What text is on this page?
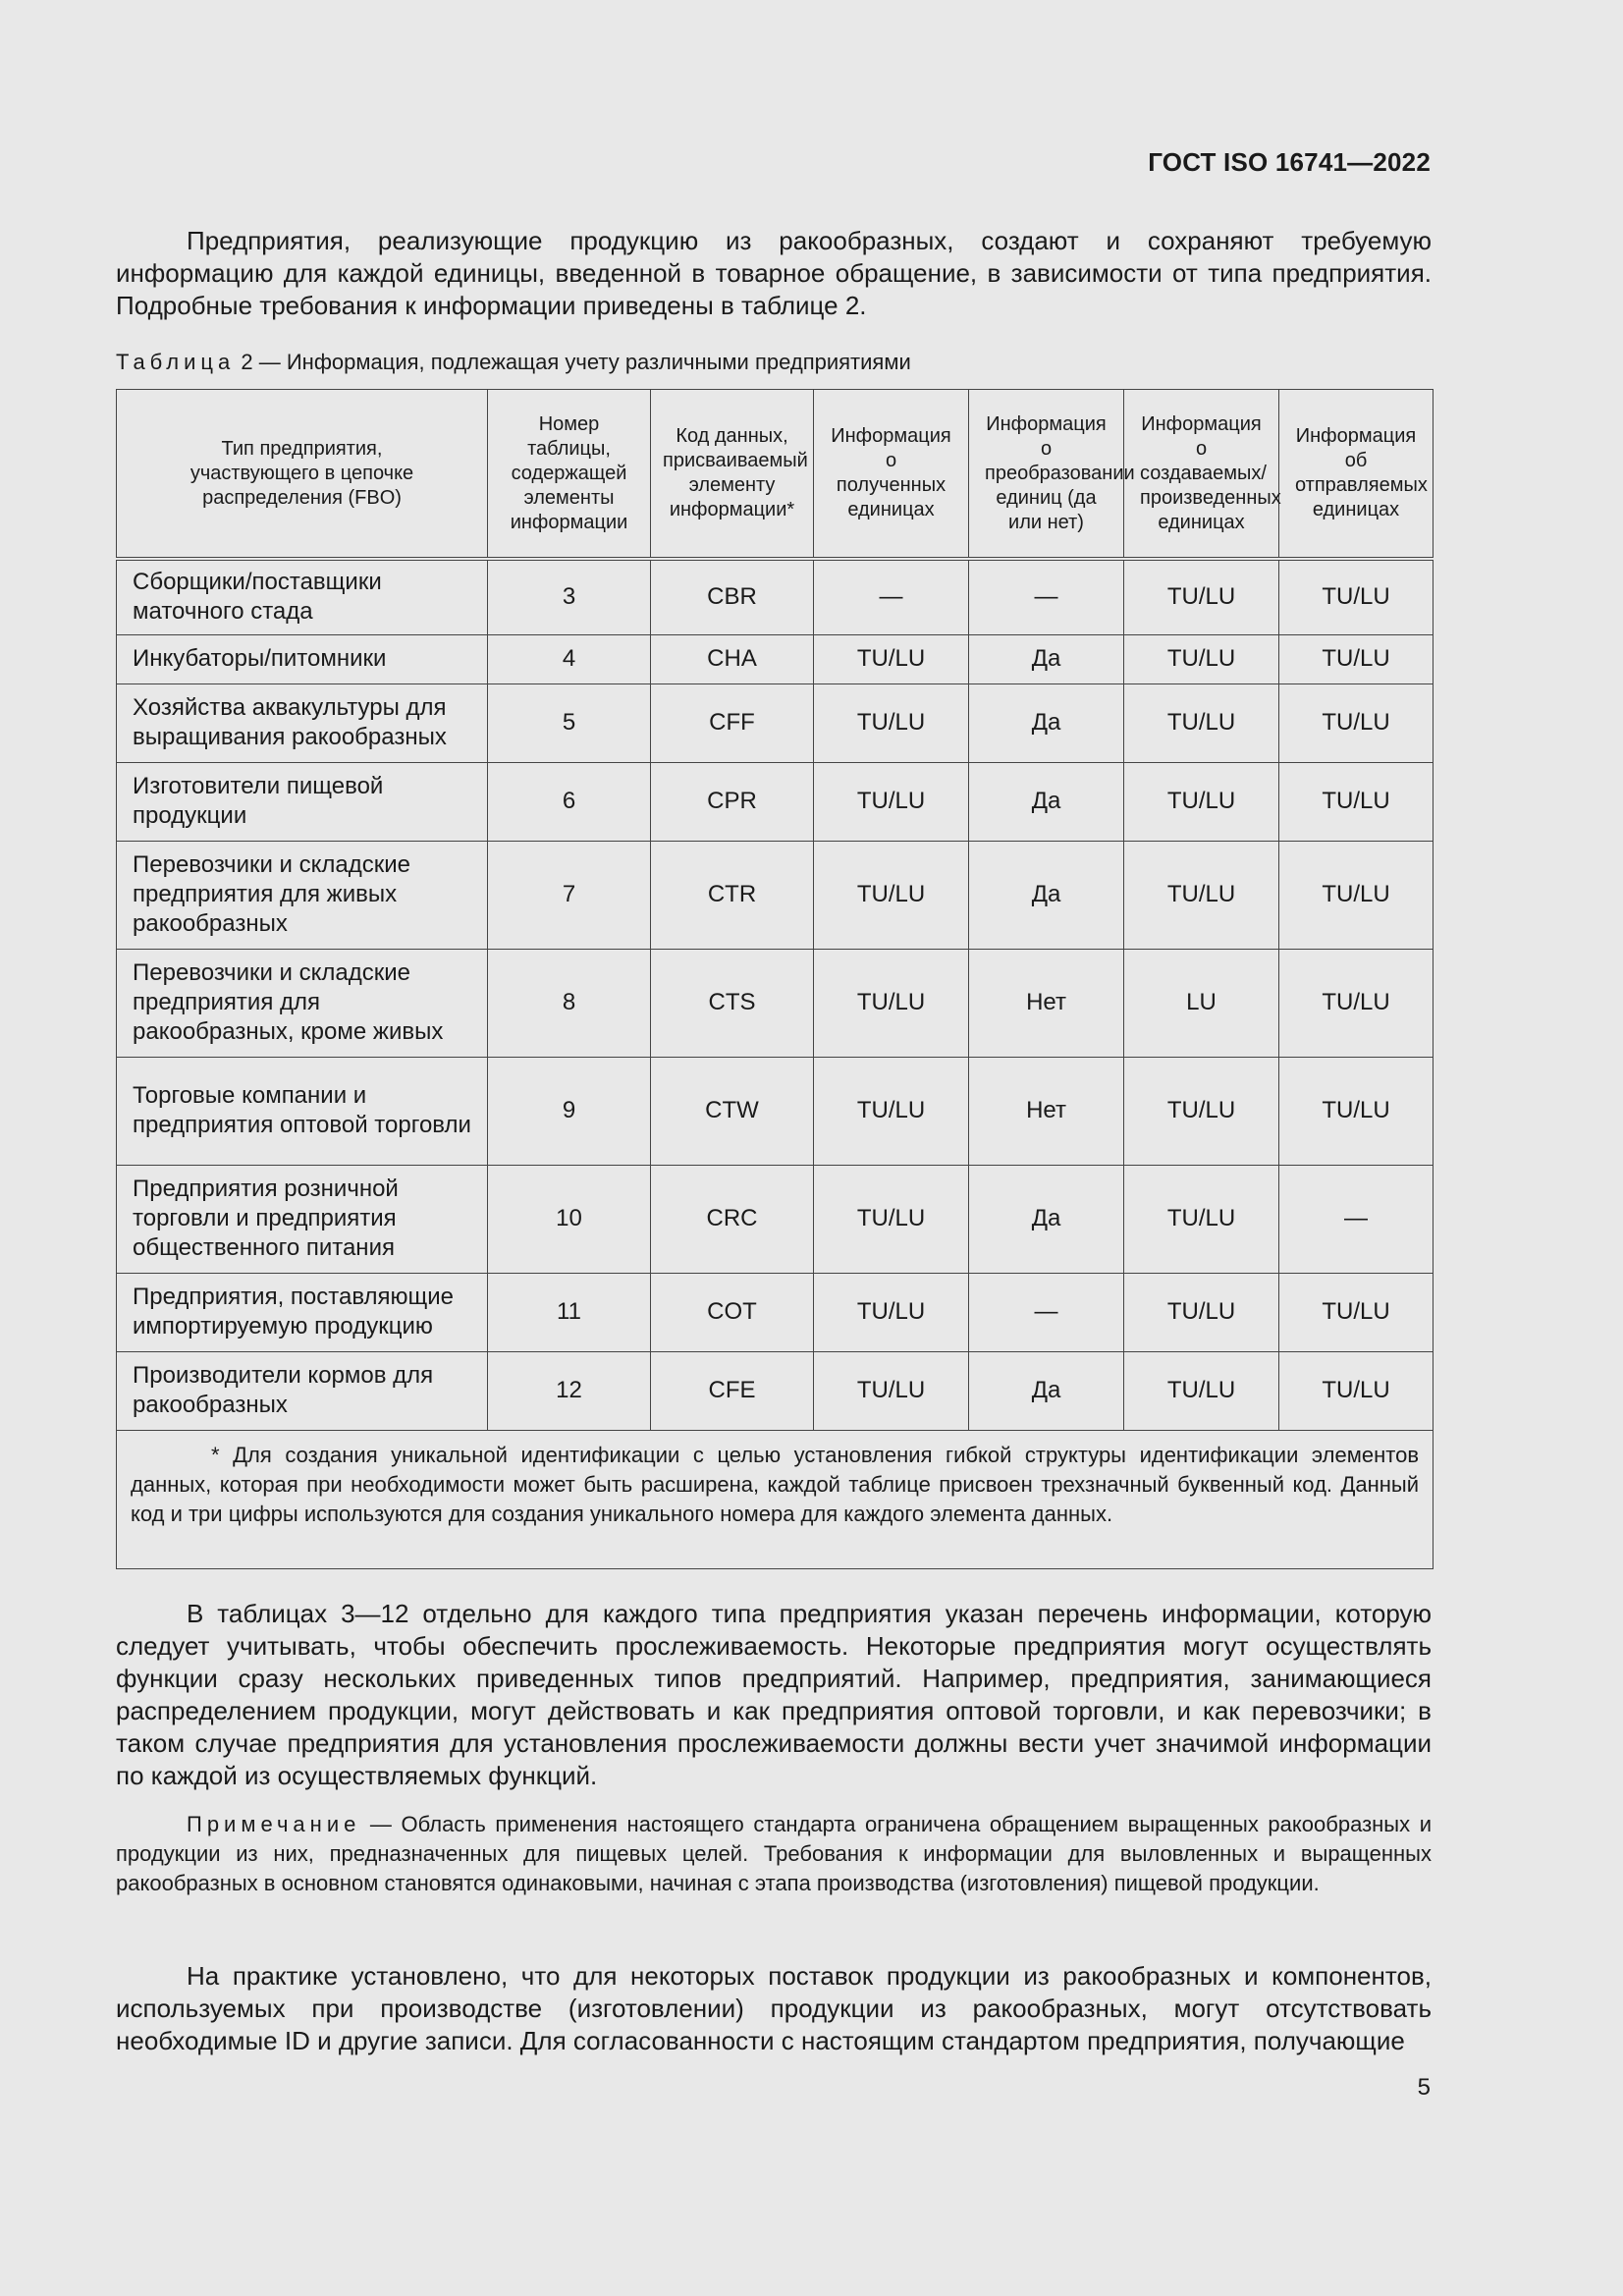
ГОСТ ISO 16741—2022

Предприятия, реализующие продукцию из ракообразных, создают и сохраняют требуемую информацию для каждой единицы, введенной в товарное обращение, в зависимости от типа предприятия. Подробные требования к информации приведены в таблице 2.

Таблица 2 — Информация, подлежащая учету различными предприятиями
Тип предприятия, участвующего в цепочке распределения (FBO)	Номер таблицы, содержащей элементы информации	Код данных, присваиваемый элементу информации*	Информация о полученных единицах	Информация о преобразовании единиц (да или нет)	Информация о создаваемых/произведенных единицах	Информация об отправляемых единицах
Сборщики/поставщики маточного стада	3	CBR	—	—	TU/LU	TU/LU
Инкубаторы/питомники	4	CHA	TU/LU	Да	TU/LU	TU/LU
Хозяйства аквакультуры для выращивания ракообразных	5	CFF	TU/LU	Да	TU/LU	TU/LU
Изготовители пищевой продукции	6	CPR	TU/LU	Да	TU/LU	TU/LU
Перевозчики и складские предприятия для живых ракообразных	7	CTR	TU/LU	Да	TU/LU	TU/LU
Перевозчики и складские предприятия для ракообразных, кроме живых	8	CTS	TU/LU	Нет	LU	TU/LU
Торговые компании и предприятия оптовой торговли	9	CTW	TU/LU	Нет	TU/LU	TU/LU
Предприятия розничной торговли и предприятия общественного питания	10	CRC	TU/LU	Да	TU/LU	—
Предприятия, поставляющие импортируемую продукцию	11	COT	TU/LU	—	TU/LU	TU/LU
Производители кормов для ракообразных	12	CFE	TU/LU	Да	TU/LU	TU/LU

* Для создания уникальной идентификации с целью установления гибкой структуры идентификации элементов данных, которая при необходимости может быть расширена, каждой таблице присвоен трехзначный буквенный код. Данный код и три цифры используются для создания уникального номера для каждого элемента данных.						

В таблицах 3—12 отдельно для каждого типа предприятия указан перечень информации, которую следует учитывать, чтобы обеспечить прослеживаемость. Некоторые предприятия могут осуществлять функции сразу нескольких приведенных типов предприятий. Например, предприятия, занимающиеся распределением продукции, могут действовать и как предприятия оптовой торговли, и как перевозчики; в таком случае предприятия для установления прослеживаемости должны вести учет значимой информации по каждой из осуществляемых функций.

Примечание — Область применения настоящего стандарта ограничена обращением выращенных ракообразных и продукции из них, предназначенных для пищевых целей. Требования к информации для выловленных и выращенных ракообразных в основном становятся одинаковыми, начиная с этапа производства (изготовления) пищевой продукции.

На практике установлено, что для некоторых поставок продукции из ракообразных и компонентов, используемых при производстве (изготовлении) продукции из ракообразных, могут отсутствовать необходимые ID и другие записи. Для согласованности с настоящим стандартом предприятия, получающие

5
